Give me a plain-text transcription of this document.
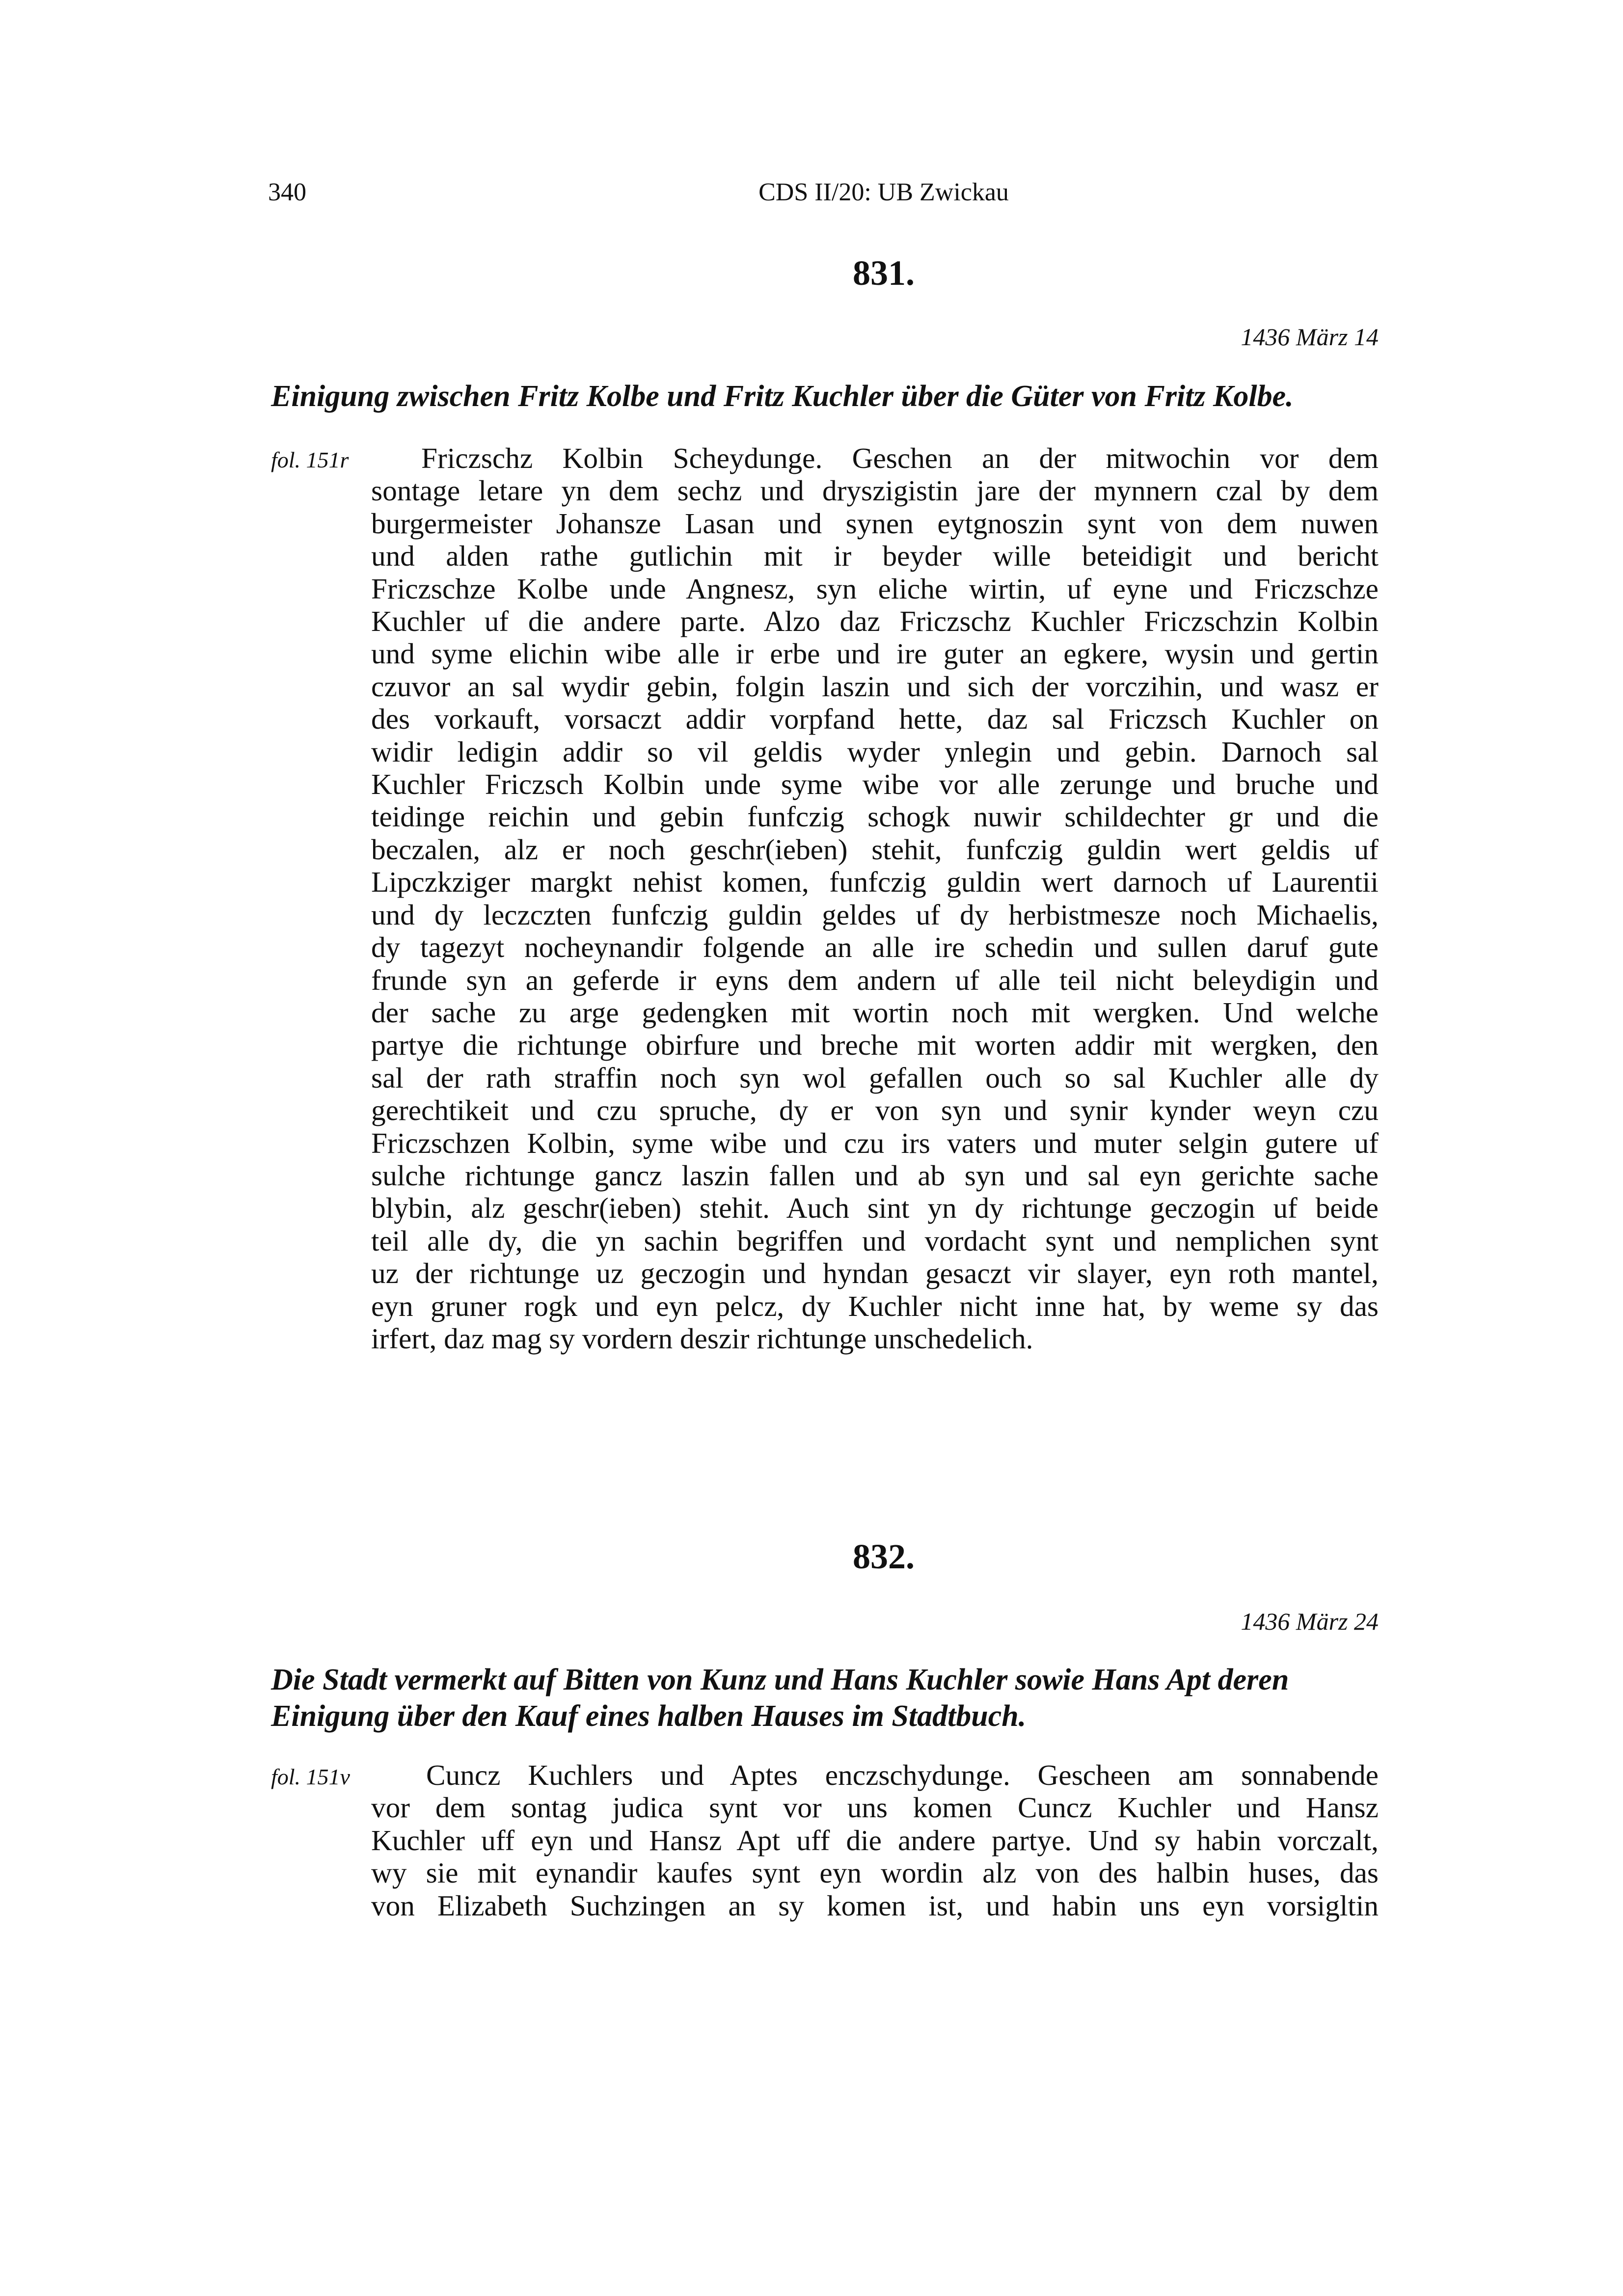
340	CDS II/20: UB Zwickau
831.
1436 März 14
Einigung zwischen Fritz Kolbe und Fritz Kuchler über die Güter von Fritz Kolbe.
fol. 151r	Friczschz Kolbin Scheydunge. Geschen an der mitwochin vor dem
sontage letare yn dem sechz und dryszigistin jare der mynnern czal by dem
burgermeister Johansze Lasan und synen eytgnoszin synt von dem nuwen
und alden rathe gutlichin mit ir beyder wille beteidigit und bericht
Friczschze Kolbe unde Angnesz, syn eliche wirtin, uf eyne und Friczschze
Kuchler uf die andere parte. Alzo daz Friczschz Kuchler Friczschzin Kolbin
und syme elichin wibe alle ir erbe und ire guter an egkere, wysin und gertin
czuvor an sal wydir gebin, folgin laszin und sich der vorczihin, und wasz er
des vorkauft, vorsaczt addir vorpfand hette, daz sal Friczsch Kuchler on
widir ledigin addir so vil geldis wyder ynlegin und gebin. Darnoch sal
Kuchler Friczsch Kolbin unde syme wibe vor alle zerunge und bruche und
teidinge reichin und gebin funfczig schogk nuwir schildechter gr und die
beczalen, alz er noch geschr(ieben) stehit, funfczig guldin wert geldis uf
Lipczkziger margkt nehist komen, funfczig guldin wert darnoch uf Laurentii
und dy leczczten funfczig guldin geldes uf dy herbistmesze noch Michaelis,
dy tagezyt nocheynandir folgende an alle ire schedin und sullen daruf gute
frunde syn an geferde ir eyns dem andern uf alle teil nicht beleydigin und
der sache zu arge gedengken mit wortin noch mit wergken. Und welche
partye die richtunge obirfure und breche mit worten addir mit wergken, den
sal der rath straffin noch syn wol gefallen ouch so sal Kuchler alle dy
gerechtikeit und czu spruche, dy er von syn und synir kynder weyn czu
Friczschzen Kolbin, syme wibe und czu irs vaters und muter selgin gutere uf
sulche richtunge gancz laszin fallen und ab syn und sal eyn gerichte sache
blybin, alz geschr(ieben) stehit. Auch sint yn dy richtunge geczogin uf beide
teil alle dy, die yn sachin begriffen und vordacht synt und nemplichen synt
uz der richtunge uz geczogin und hyndan gesaczt vir slayer, eyn roth mantel,
eyn gruner rogk und eyn pelcz, dy Kuchler nicht inne hat, by weme sy das
irfert, daz mag sy vordern deszir richtunge unschedelich.
832.
1436 März 24
Die Stadt vermerkt auf Bitten von Kunz und Hans Kuchler sowie Hans Apt deren
Einigung über den Kauf eines halben Hauses im Stadtbuch.
fol. 151v	Cuncz Kuchlers und Aptes enczschydunge. Gescheen am sonnabende
vor dem sontag judica synt vor uns komen Cuncz Kuchler und Hansz
Kuchler uff eyn und Hansz Apt uff die andere partye. Und sy habin vorczalt,
wy sie mit eynandir kaufes synt eyn wordin alz von des halbin huses, das
von Elizabeth Suchzingen an sy komen ist, und habin uns eyn vorsigltin
